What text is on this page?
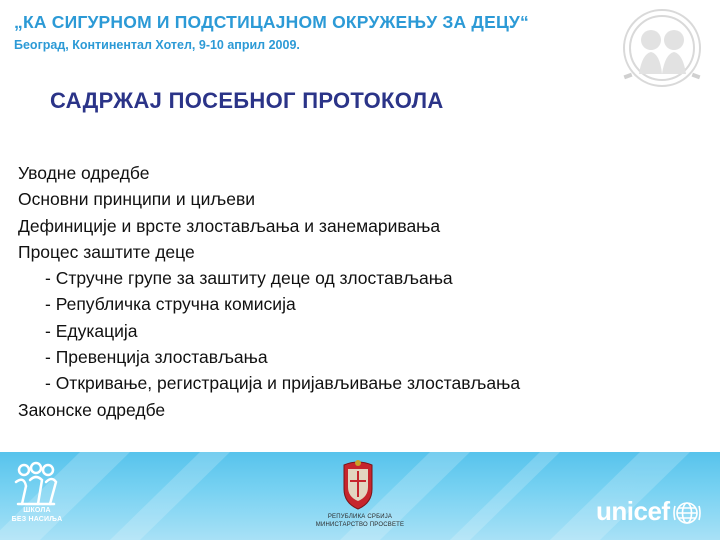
„КА СИГУРНОМ И ПОДСТИЦАЈНОМ ОКРУЖЕЊУ ЗА ДЕЦУ“
Београд, Континентал Хотел, 9-10 април 2009.
САДРЖАЈ ПОСЕБНОГ ПРОТОКОЛА
Уводне одредбе
Основни принципи и циљеви
Дефиниције и врсте злостављања и занемаривања
Процес заштите деце
- Стручне групе за заштиту деце од злостављања
- Републичка стручна комисија
- Едукација
- Превенција злостављања
- Откривање, регистрација и пријављивање злостављања
Законске одредбе
ШКОЛА
БЕЗ НАСИЉА	РЕПУБЛИКА СРБИЈА
МИНИСТАРСТВО ПРОСВЕТЕ	unicef
